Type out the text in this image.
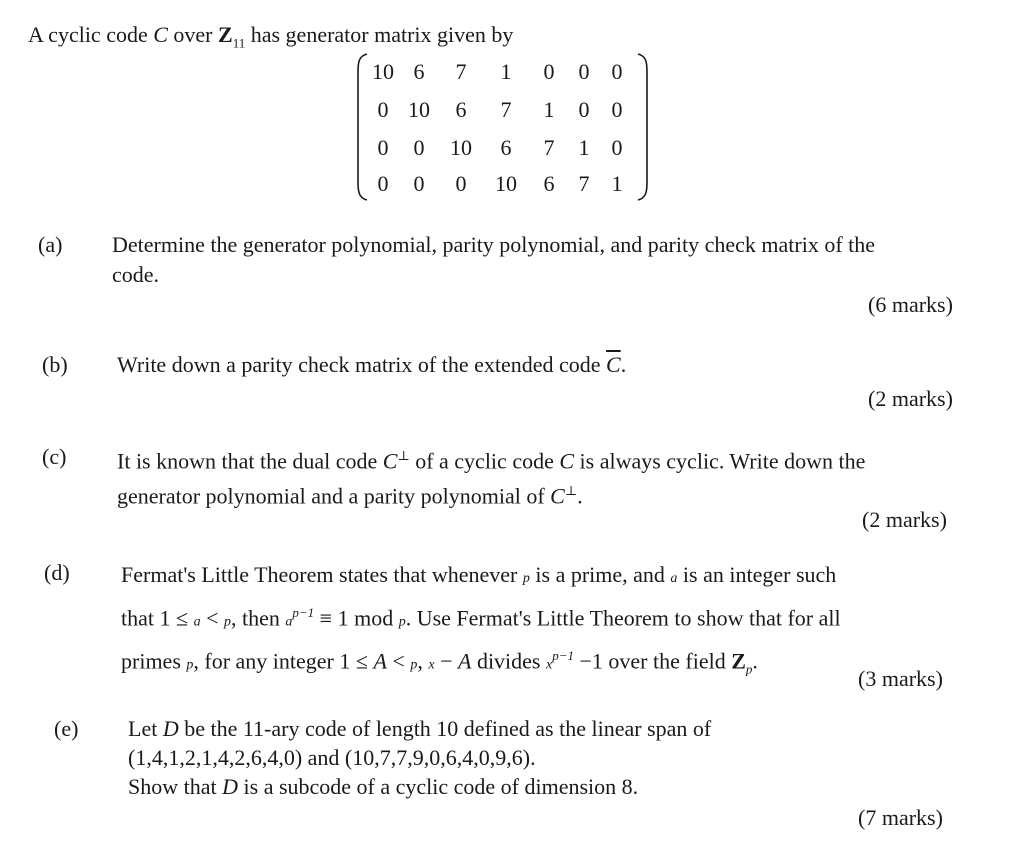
A cyclic code C over $Z_{11}$ has generator matrix given by
10 6	7	1	0	0	0
0 10	6	7	1	0	0
0	0	10	6	7	1	0
0	0	0	10	6	7	1
(a) Determine the generator polynomial, parity polynomial, and parity check matrix of the
code.
(6 marks)
(b) Write down a parity check matrix of the extended code $\overline{C}$.
(2 marks)
(c) It is known that the dual code C⊥ of a cyclic code C is always cyclic. Write down the
generator polynomial and a parity polynomial of C⊥.
(2 marks)
(d) Fermat's Little Theorem states that whenever p is a prime, and a is an integer such
that 1 ≤ a < p, then $a^{p-1} \equiv 1$ mod p. Use Fermat's Little Theorem to show that for all
primes p, for any integer 1 ≤ A < p, x − A divides $x^{p-1} -1$ over the field $Z_p$.
(3 marks)
(e) Let D be the 11-ary code of length 10 defined as the linear span of
(1,4,1,2,1,4,2,6,4,0) and (10,7,7,9,0,6,4,0,9,6).
Show that D is a subcode of a cyclic code of dimension 8.
(7 marks)
